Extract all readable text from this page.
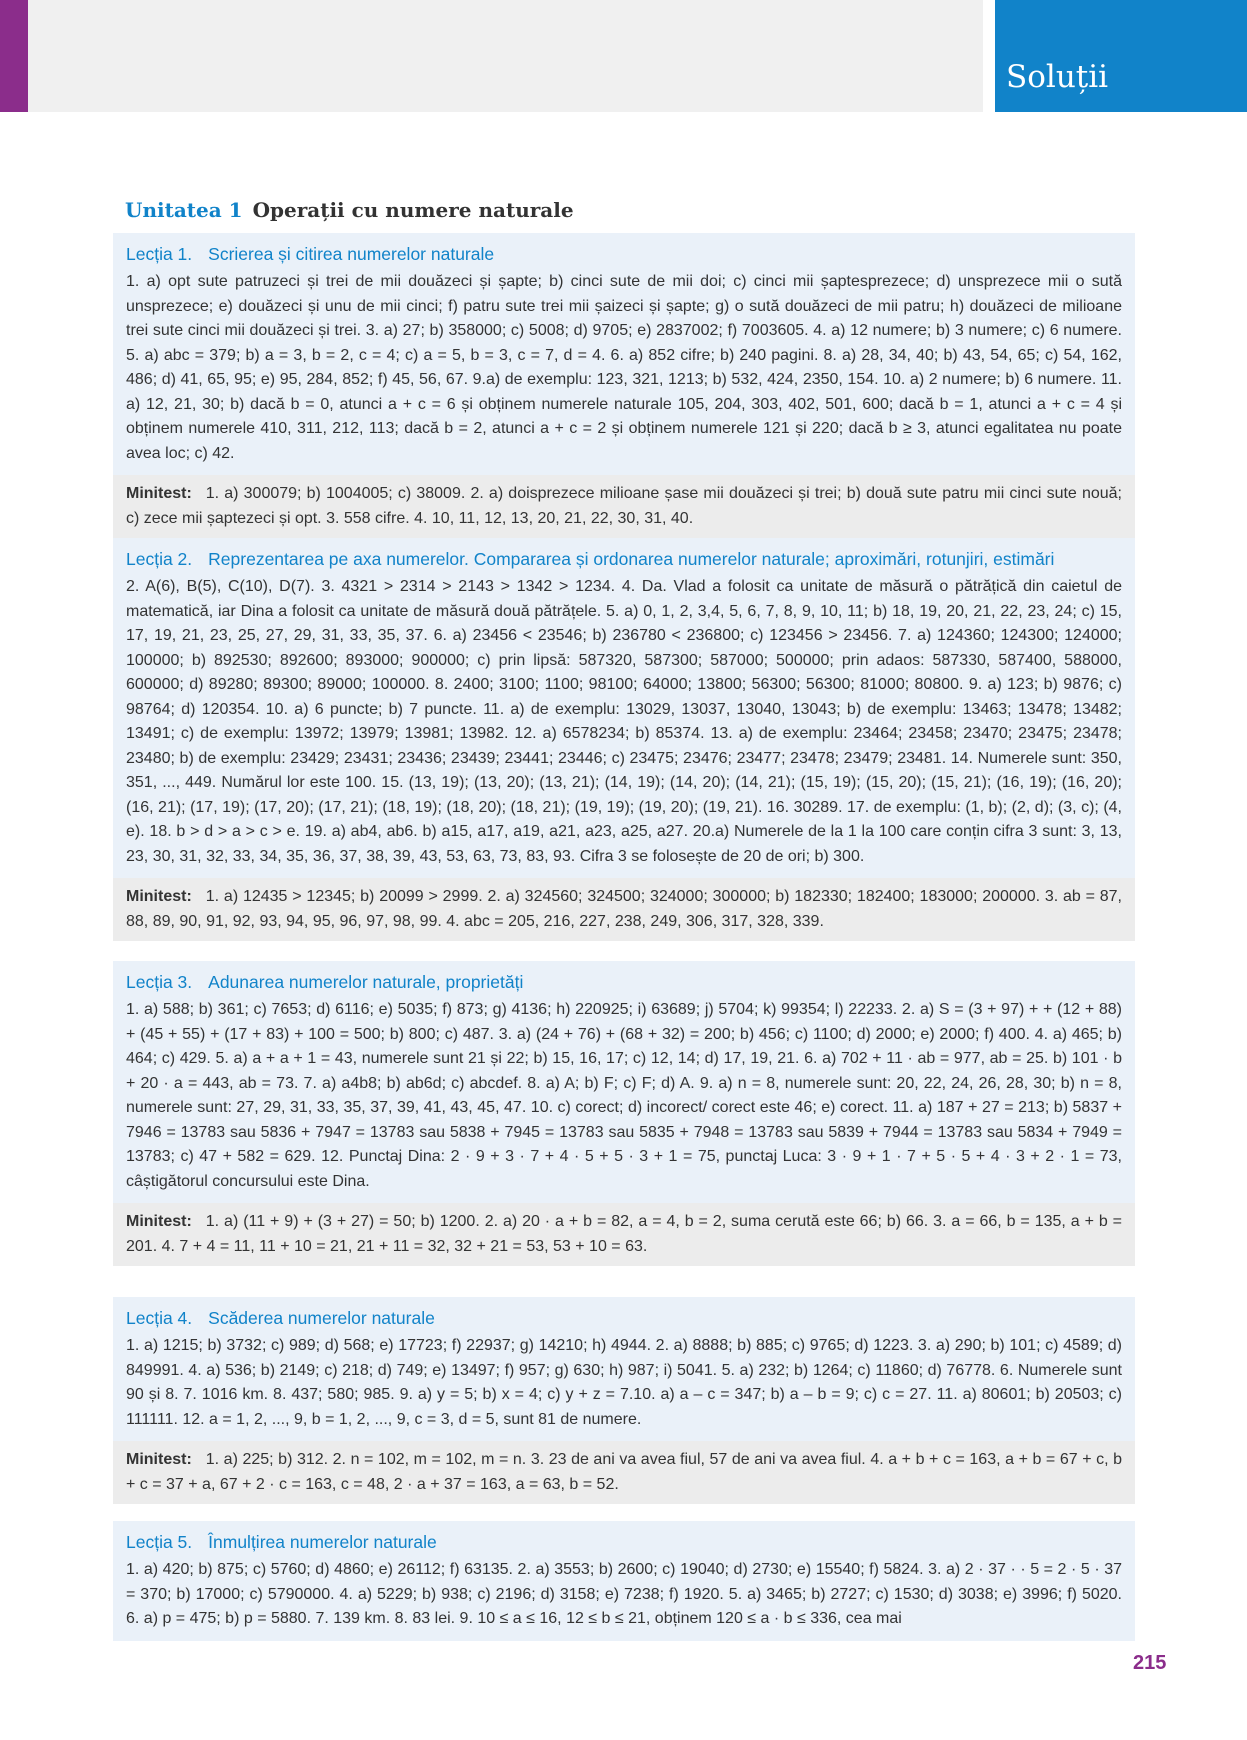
Soluții
Unitatea 1 Operații cu numere naturale
Lecția 1. Scrierea și citirea numerelor naturale
1. a) opt sute patruzeci și trei de mii douăzeci și șapte; b) cinci sute de mii doi; c) cinci mii șaptesprezece; d) unsprezece mii o sută unsprezece; e) douăzeci și unu de mii cinci; f) patru sute trei mii șaizeci și șapte; g) o sută douăzeci de mii patru; h) douăzeci de milioane trei sute cinci mii douăzeci și trei. 3. a) 27; b) 358000; c) 5008; d) 9705; e) 2837002; f) 7003605. 4. a) 12 numere; b) 3 numere; c) 6 numere. 5. a) abc = 379; b) a = 3, b = 2, c = 4; c) a = 5, b = 3, c = 7, d = 4. 6. a) 852 cifre; b) 240 pagini. 8. a) 28, 34, 40; b) 43, 54, 65; c) 54, 162, 486; d) 41, 65, 95; e) 95, 284, 852; f) 45, 56, 67. 9.a) de exemplu: 123, 321, 1213; b) 532, 424, 2350, 154. 10. a) 2 numere; b) 6 numere. 11. a) 12, 21, 30; b) dacă b = 0, atunci a + c = 6 și obținem numerele naturale 105, 204, 303, 402, 501, 600; dacă b = 1, atunci a + c = 4 și obținem numerele 410, 311, 212, 113; dacă b = 2, atunci a + c = 2 și obținem numerele 121 și 220; dacă b ≥ 3, atunci egalitatea nu poate avea loc; c) 42.
Minitest: 1. a) 300079; b) 1004005; c) 38009. 2. a) doisprezece milioane șase mii douăzeci și trei; b) două sute patru mii cinci sute nouă; c) zece mii șaptezeci și opt. 3. 558 cifre. 4. 10, 11, 12, 13, 20, 21, 22, 30, 31, 40.
Lecția 2. Reprezentarea pe axa numerelor. Compararea și ordonarea numerelor naturale; aproximări, rotunjiri, estimări
2. A(6), B(5), C(10), D(7). 3. 4321 > 2314 > 2143 > 1342 > 1234. 4. Da. Vlad a folosit ca unitate de măsură o pătrățică din caietul de matematică, iar Dina a folosit ca unitate de măsură două pătrățele. 5. a) 0, 1, 2, 3,4, 5, 6, 7, 8, 9, 10, 11; b) 18, 19, 20, 21, 22, 23, 24; c) 15, 17, 19, 21, 23, 25, 27, 29, 31, 33, 35, 37. 6. a) 23456 < 23546; b) 236780 < 236800; c) 123456 > 23456. 7. a) 124360; 124300; 124000; 100000; b) 892530; 892600; 893000; 900000; c) prin lipsă: 587320, 587300; 587000; 500000; prin adaos: 587330, 587400, 588000, 600000; d) 89280; 89300; 89000; 100000. 8. 2400; 3100; 1100; 98100; 64000; 13800; 56300; 56300; 81000; 80800. 9. a) 123; b) 9876; c) 98764; d) 120354. 10. a) 6 puncte; b) 7 puncte. 11. a) de exemplu: 13029, 13037, 13040, 13043; b) de exemplu: 13463; 13478; 13482; 13491; c) de exemplu: 13972; 13979; 13981; 13982. 12. a) 6578234; b) 85374. 13. a) de exemplu: 23464; 23458; 23470; 23475; 23478; 23480; b) de exemplu: 23429; 23431; 23436; 23439; 23441; 23446; c) 23475; 23476; 23477; 23478; 23479; 23481. 14. Numerele sunt: 350, 351, ..., 449. Numărul lor este 100. 15. (13, 19); (13, 20); (13, 21); (14, 19); (14, 20); (14, 21); (15, 19); (15, 20); (15, 21); (16, 19); (16, 20); (16, 21); (17, 19); (17, 20); (17, 21); (18, 19); (18, 20); (18, 21); (19, 19); (19, 20); (19, 21). 16. 30289. 17. de exemplu: (1, b); (2, d); (3, c); (4, e). 18. b > d > a > c > e. 19. a) ab4, ab6. b) a15, a17, a19, a21, a23, a25, a27. 20.a) Numerele de la 1 la 100 care conțin cifra 3 sunt: 3, 13, 23, 30, 31, 32, 33, 34, 35, 36, 37, 38, 39, 43, 53, 63, 73, 83, 93. Cifra 3 se folosește de 20 de ori; b) 300.
Minitest: 1. a) 12435 > 12345; b) 20099 > 2999. 2. a) 324560; 324500; 324000; 300000; b) 182330; 182400; 183000; 200000. 3. ab = 87, 88, 89, 90, 91, 92, 93, 94, 95, 96, 97, 98, 99. 4. abc = 205, 216, 227, 238, 249, 306, 317, 328, 339.
Lecția 3. Adunarea numerelor naturale, proprietăți
1. a) 588; b) 361; c) 7653; d) 6116; e) 5035; f) 873; g) 4136; h) 220925; i) 63689; j) 5704; k) 99354; l) 22233. 2. a) S = (3 + 97) + + (12 + 88) + (45 + 55) + (17 + 83) + 100 = 500; b) 800; c) 487. 3. a) (24 + 76) + (68 + 32) = 200; b) 456; c) 1100; d) 2000; e) 2000; f) 400. 4. a) 465; b) 464; c) 429. 5. a) a + a + 1 = 43, numerele sunt 21 și 22; b) 15, 16, 17; c) 12, 14; d) 17, 19, 21. 6. a) 702 + 11 · ab = 977, ab = 25. b) 101 · b + 20 · a = 443, ab = 73. 7. a) a4b8; b) ab6d; c) abcdef. 8. a) A; b) F; c) F; d) A. 9. a) n = 8, numerele sunt: 20, 22, 24, 26, 28, 30; b) n = 8, numerele sunt: 27, 29, 31, 33, 35, 37, 39, 41, 43, 45, 47. 10. c) corect; d) incorect/ corect este 46; e) corect. 11. a) 187 + 27 = 213; b) 5837 + 7946 = 13783 sau 5836 + 7947 = 13783 sau 5838 + 7945 = 13783 sau 5835 + 7948 = 13783 sau 5839 + 7944 = 13783 sau 5834 + 7949 = 13783; c) 47 + 582 = 629. 12. Punctaj Dina: 2 · 9 + 3 · 7 + 4 · 5 + 5 · 3 + 1 = 75, punctaj Luca: 3 · 9 + 1 · 7 + 5 · 5 + 4 · 3 + 2 · 1 = 73, câștigătorul concursului este Dina.
Minitest: 1. a) (11 + 9) + (3 + 27) = 50; b) 1200. 2. a) 20 · a + b = 82, a = 4, b = 2, suma cerută este 66; b) 66. 3. a = 66, b = 135, a + b = 201. 4. 7 + 4 = 11, 11 + 10 = 21, 21 + 11 = 32, 32 + 21 = 53, 53 + 10 = 63.
Lecția 4. Scăderea numerelor naturale
1. a) 1215; b) 3732; c) 989; d) 568; e) 17723; f) 22937; g) 14210; h) 4944. 2. a) 8888; b) 885; c) 9765; d) 1223. 3. a) 290; b) 101; c) 4589; d) 849991. 4. a) 536; b) 2149; c) 218; d) 749; e) 13497; f) 957; g) 630; h) 987; i) 5041. 5. a) 232; b) 1264; c) 11860; d) 76778. 6. Numerele sunt 90 și 8. 7. 1016 km. 8. 437; 580; 985. 9. a) y = 5; b) x = 4; c) y + z = 7.10. a) a – c = 347; b) a – b = 9; c) c = 27. 11. a) 80601; b) 20503; c) 111111. 12. a = 1, 2, ..., 9, b = 1, 2, ..., 9, c = 3, d = 5, sunt 81 de numere.
Minitest: 1. a) 225; b) 312. 2. n = 102, m = 102, m = n. 3. 23 de ani va avea fiul, 57 de ani va avea fiul. 4. a + b + c = 163, a + b = 67 + c, b + c = 37 + a, 67 + 2 · c = 163, c = 48, 2 · a + 37 = 163, a = 63, b = 52.
Lecția 5. Înmulțirea numerelor naturale
1. a) 420; b) 875; c) 5760; d) 4860; e) 26112; f) 63135. 2. a) 3553; b) 2600; c) 19040; d) 2730; e) 15540; f) 5824. 3. a) 2 · 37 · · 5 = 2 · 5 · 37 = 370; b) 17000; c) 5790000. 4. a) 5229; b) 938; c) 2196; d) 3158; e) 7238; f) 1920. 5. a) 3465; b) 2727; c) 1530; d) 3038; e) 3996; f) 5020. 6. a) p = 475; b) p = 5880. 7. 139 km. 8. 83 lei. 9. 10 ≤ a ≤ 16, 12 ≤ b ≤ 21, obținem 120 ≤ a · b ≤ 336, cea mai
215
